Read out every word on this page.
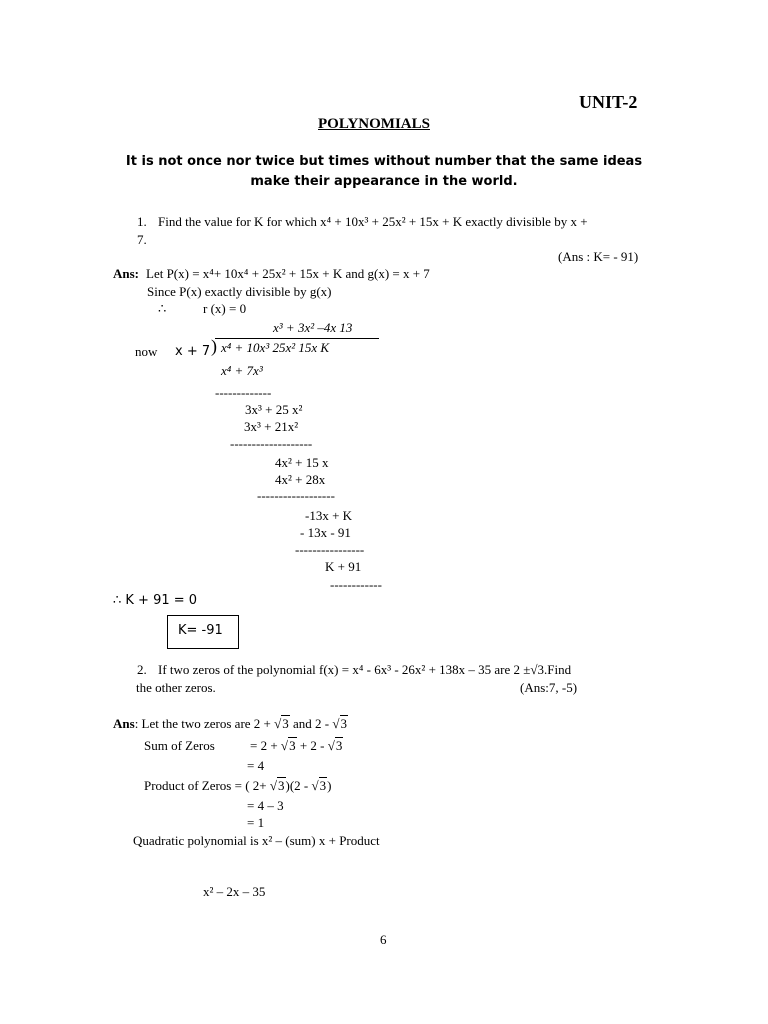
UNIT-2
POLYNOMIALS
It is not once nor twice but times without number that the same ideas
make their appearance in the world.
1. Find the value for K for which x⁴ + 10x³ + 25x² + 15x + K exactly divisible by x +
7.
(Ans : K= - 91)
Ans: Let P(x) = x⁴+ 10x⁴ + 25x² + 15x + K and g(x) = x + 7
Since P(x) exactly divisible by g(x)
∴	r (x) = 0
x³ + 3x² –4x 13
)
now x + 7 x⁴ + 10x³ 25x² 15x K
x⁴ + 7x³
-------------
3x³ + 25 x²
3x³ + 21x²
-------------------
4x² + 15 x
4x² + 28x
------------------
-13x + K
- 13x - 91
----------------
K + 91
------------
∴ K + 91 = 0
K= -91
2. If two zeros of the polynomial f(x) = x⁴ - 6x³ - 26x² + 138x – 35 are 2 ±√3.Find
the other zeros.	(Ans:7, -5)
Ans: Let the two zeros are 2 + √3 and 2 - √3
Sum of Zeros	= 2 + √3 + 2 - √3
= 4
Product of Zeros = ( 2+ √3)(2 - √3)
= 4 – 3
= 1
Quadratic polynomial is x² – (sum) x + Product
x² – 2x – 35
6
